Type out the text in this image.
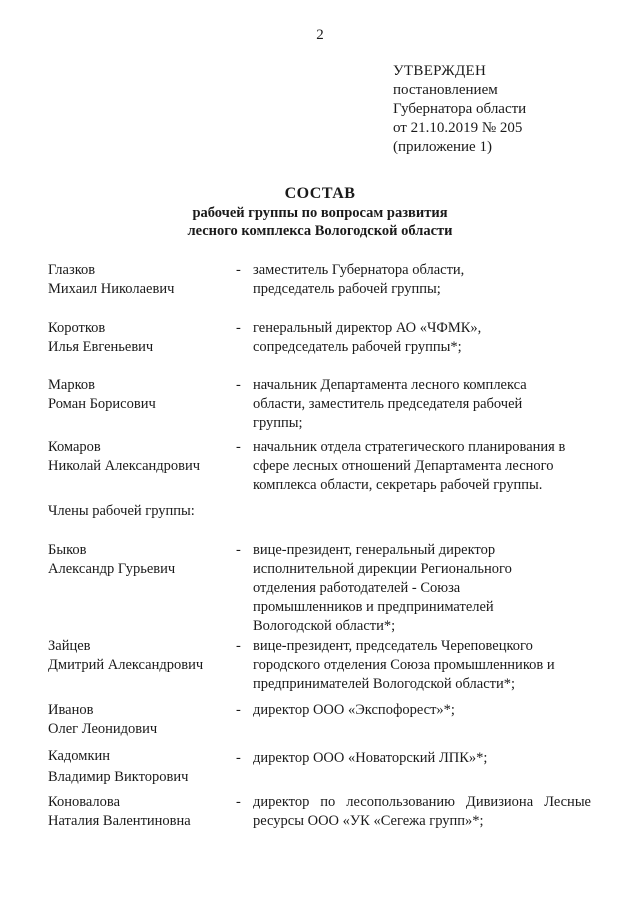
2
УТВЕРЖДЕН
постановлением
Губернатора области
от 21.10.2019 № 205
(приложение 1)
СОСТАВ
рабочей группы по вопросам развития
лесного комплекса Вологодской области
Глазков
Михаил Николаевич
- заместитель Губернатора области,
председатель рабочей группы;
Коротков
Илья Евгеньевич
- генеральный директор АО «ЧФМК»,
сопредседатель рабочей группы*;
Марков
Роман Борисович
- начальник Департамента лесного комплекса
области, заместитель председателя рабочей
группы;
Комаров
Николай Александрович
- начальник отдела стратегического планирования в
сфере лесных отношений Департамента лесного
комплекса области, секретарь рабочей группы.
Члены рабочей группы:
Быков
Александр Гурьевич
- вице-президент, генеральный директор
исполнительной дирекции Регионального
отделения работодателей - Союза
промышленников и предпринимателей
Вологодской области*;
Зайцев
Дмитрий Александрович
- вице-президент, председатель Череповецкого
городского отделения Союза промышленников и
предпринимателей Вологодской области*;
Иванов
Олег Леонидович
- директор ООО «Экспофорест»*;
Кадомкин
Владимир Викторович
- директор ООО «Новаторский ЛПК»*;
Коновалова
Наталия Валентиновна
- директор по лесопользованию Дивизиона Лесные
ресурсы ООО «УК «Сегежа групп»*;
